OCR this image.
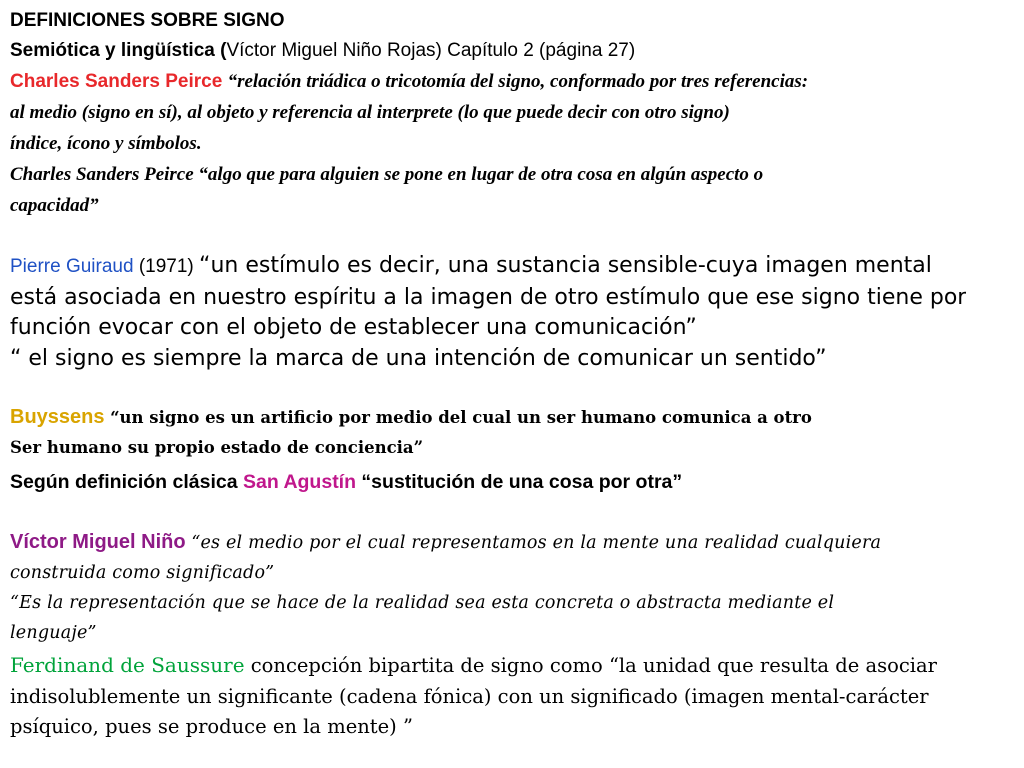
DEFINICIONES SOBRE SIGNO
Semiótica y lingüística (Víctor Miguel Niño Rojas) Capítulo 2 (página 27)
Charles Sanders Peirce “relación triádica o tricotomía del signo, conformado por tres referencias:
al medio (signo en sí), al objeto y referencia al interprete (lo que puede decir con otro signo)
índice, ícono y símbolos.
Charles Sanders Peirce “algo que para alguien se pone en lugar de otra cosa en algún aspecto o
capacidad”
Pierre Guiraud (1971) “un estímulo es decir, una sustancia sensible-cuya imagen mental
está asociada en nuestro espíritu a la imagen de otro estímulo que ese signo tiene por
función evocar con el objeto de establecer una comunicación”
“ el signo es siempre la marca de una intención de comunicar un sentido”
Buyssens “un signo es un artificio por medio del cual un ser humano comunica a otro
Ser humano su propio estado de conciencia”
Según definición clásica San Agustín “sustitución de una cosa por otra”
Víctor Miguel Niño “es el medio por el cual representamos en la mente una realidad cualquiera
construida como significado”
“Es la representación que se hace de la realidad sea esta concreta o abstracta mediante el
lenguaje”
Ferdinand de Saussure concepción bipartita de signo como “la unidad que resulta de asociar
indisolublemente un significante (cadena fónica) con un significado (imagen mental-carácter
psíquico, pues se produce en la mente) ”
